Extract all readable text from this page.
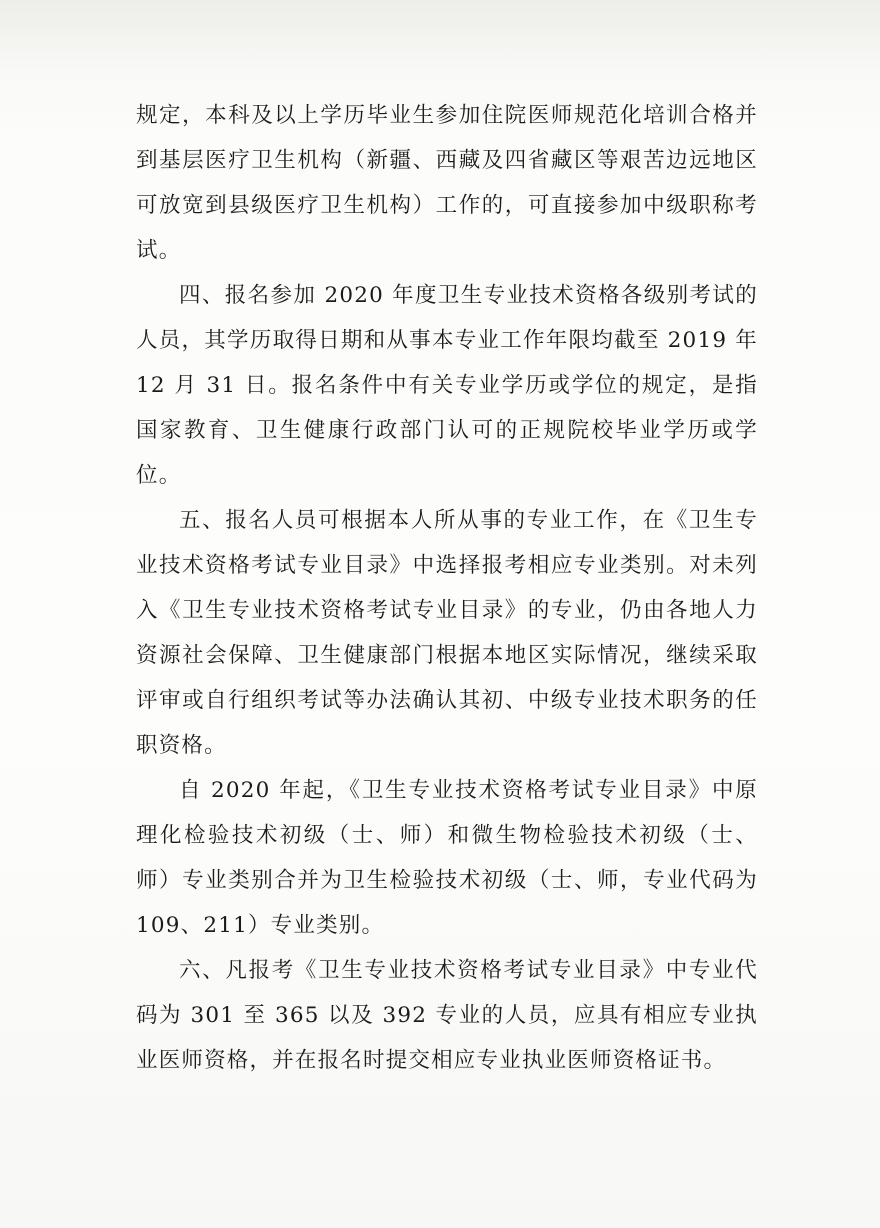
规定，本科及以上学历毕业生参加住院医师规范化培训合格并到基层医疗卫生机构（新疆、西藏及四省藏区等艰苦边远地区可放宽到县级医疗卫生机构）工作的，可直接参加中级职称考试。

四、报名参加 2020 年度卫生专业技术资格各级别考试的人员，其学历取得日期和从事本专业工作年限均截至 2019 年 12 月 31 日。报名条件中有关专业学历或学位的规定，是指国家教育、卫生健康行政部门认可的正规院校毕业学历或学位。

五、报名人员可根据本人所从事的专业工作，在《卫生专业技术资格考试专业目录》中选择报考相应专业类别。对未列入《卫生专业技术资格考试专业目录》的专业，仍由各地人力资源社会保障、卫生健康部门根据本地区实际情况，继续采取评审或自行组织考试等办法确认其初、中级专业技术职务的任职资格。

自 2020 年起，《卫生专业技术资格考试专业目录》中原理化检验技术初级（士、师）和微生物检验技术初级（士、师）专业类别合并为卫生检验技术初级（士、师，专业代码为 109、211）专业类别。

六、凡报考《卫生专业技术资格考试专业目录》中专业代码为 301 至 365 以及 392 专业的人员，应具有相应专业执业医师资格，并在报名时提交相应专业执业医师资格证书。
